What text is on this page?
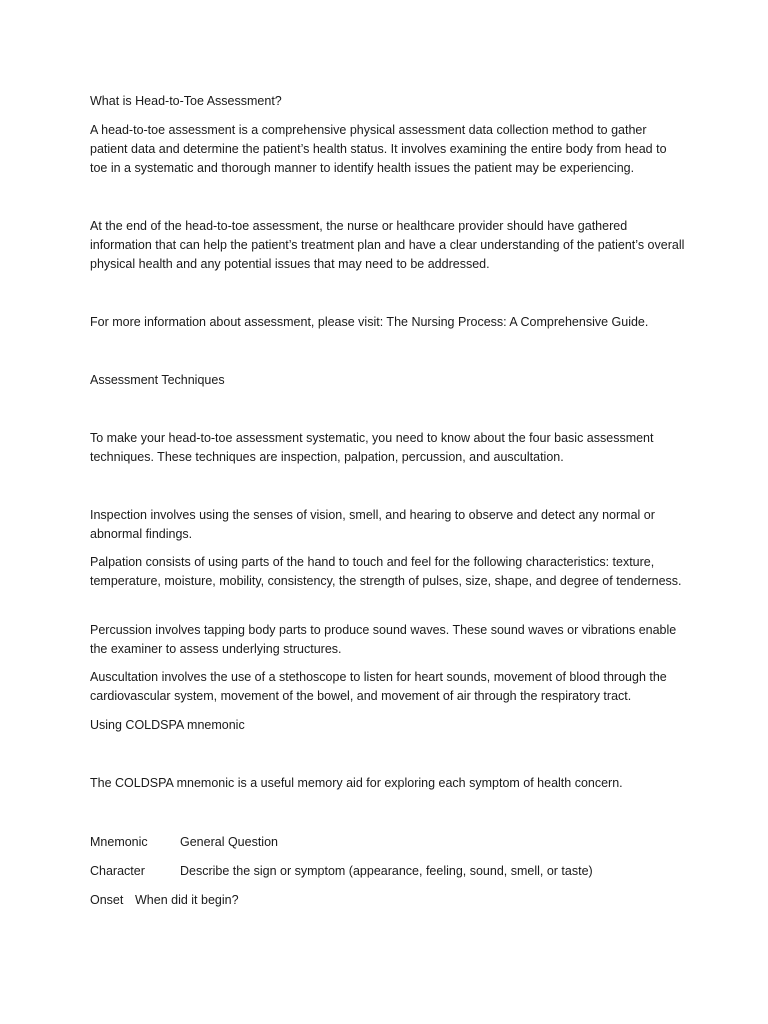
What is Head-to-Toe Assessment?

A head-to-toe assessment is a comprehensive physical assessment data collection method to gather patient data and determine the patient’s health status. It involves examining the entire body from head to toe in a systematic and thorough manner to identify health issues the patient may be experiencing.

At the end of the head-to-toe assessment, the nurse or healthcare provider should have gathered information that can help the patient’s treatment plan and have a clear understanding of the patient’s overall physical health and any potential issues that may need to be addressed.

For more information about assessment, please visit: The Nursing Process: A Comprehensive Guide.

Assessment Techniques

To make your head-to-toe assessment systematic, you need to know about the four basic assessment techniques. These techniques are inspection, palpation, percussion, and auscultation.

Inspection involves using the senses of vision, smell, and hearing to observe and detect any normal or abnormal findings.

Palpation consists of using parts of the hand to touch and feel for the following characteristics: texture, temperature, moisture, mobility, consistency, the strength of pulses, size, shape, and degree of tenderness.

Percussion involves tapping body parts to produce sound waves. These sound waves or vibrations enable the examiner to assess underlying structures.

Auscultation involves the use of a stethoscope to listen for heart sounds, movement of blood through the cardiovascular system, movement of the bowel, and movement of air through the respiratory tract.

Using COLDSPA mnemonic

The COLDSPA mnemonic is a useful memory aid for exploring each symptom of health concern.

Mnemonic	General Question
Character	Describe the sign or symptom (appearance, feeling, sound, smell, or taste)
Onset When did it begin?
